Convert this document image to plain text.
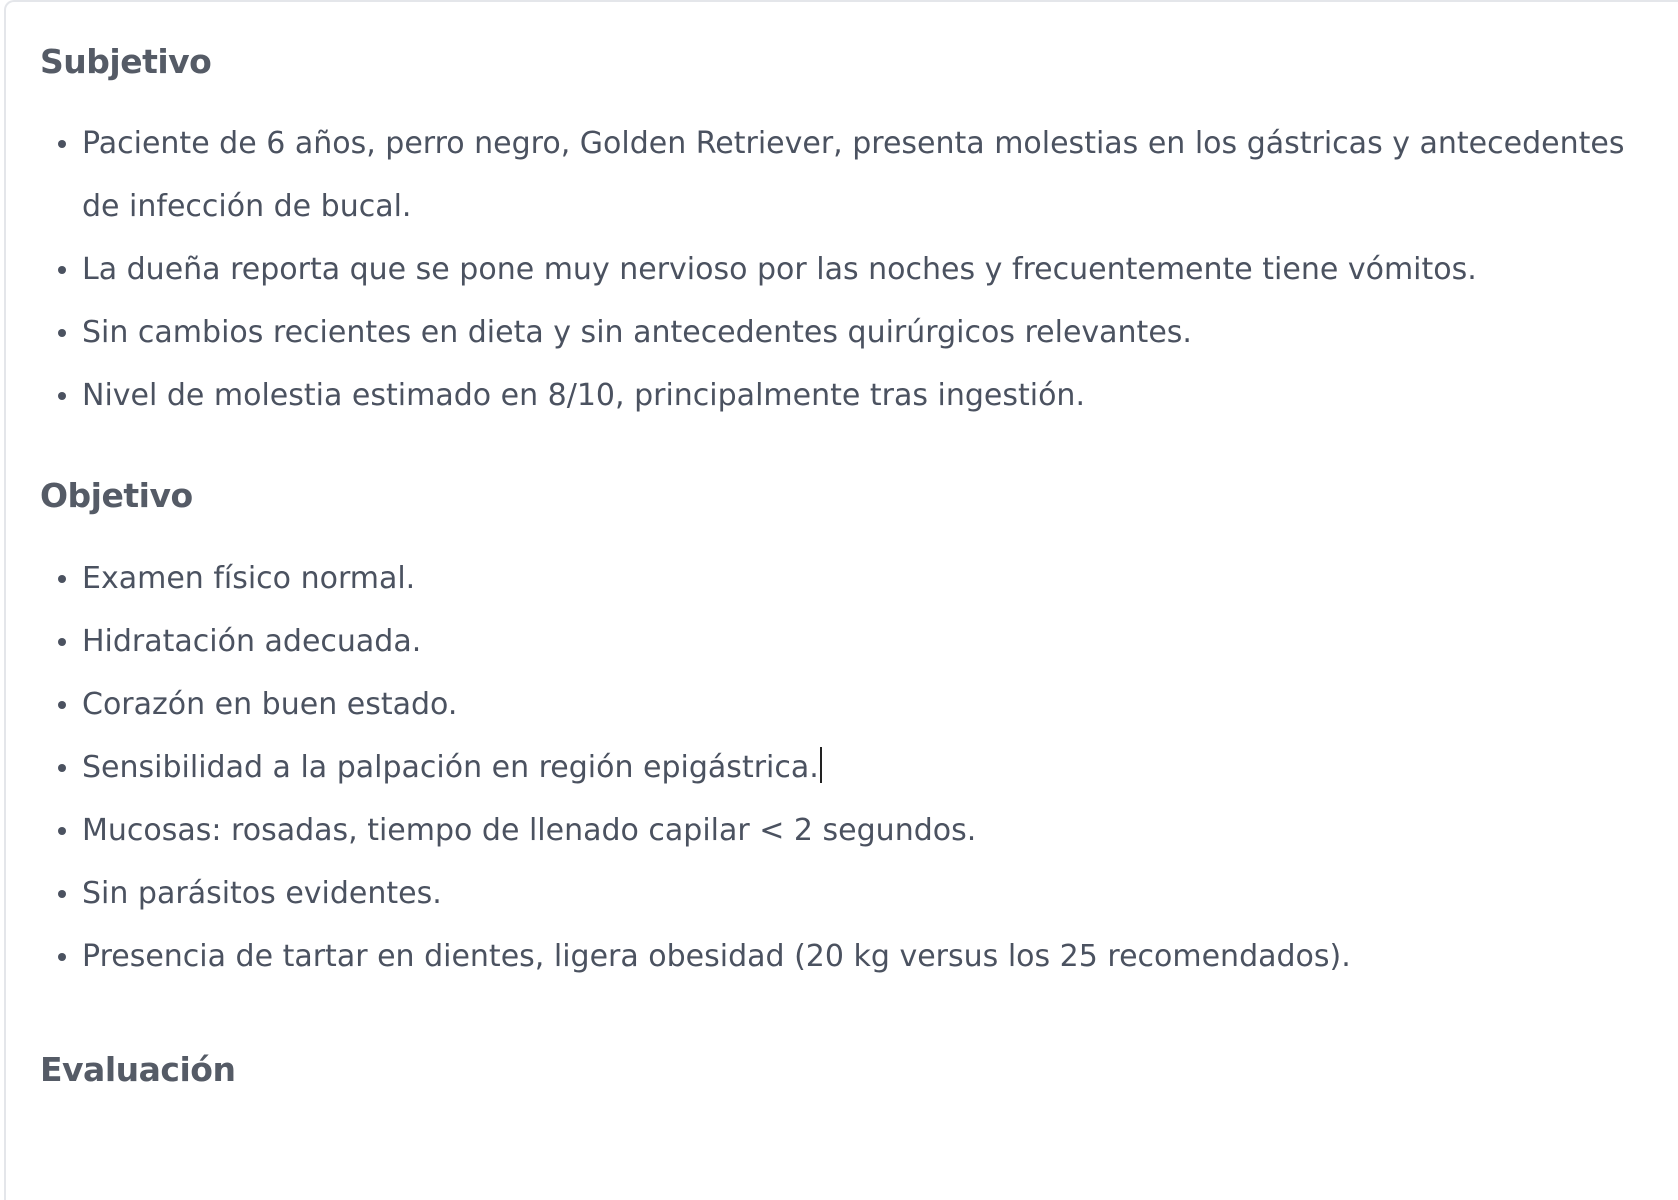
Subjetivo
Paciente de 6 años, perro negro, Golden Retriever, presenta molestias en los gástricas y antecedentes de infección de bucal.
La dueña reporta que se pone muy nervioso por las noches y frecuentemente tiene vómitos.
Sin cambios recientes en dieta y sin antecedentes quirúrgicos relevantes.
Nivel de molestia estimado en 8/10, principalmente tras ingestión.
Objetivo
Examen físico normal.
Hidratación adecuada.
Corazón en buen estado.
Sensibilidad a la palpación en región epigástrica.
Mucosas: rosadas, tiempo de llenado capilar < 2 segundos.
Sin parásitos evidentes.
Presencia de tartar en dientes, ligera obesidad (20 kg versus los 25 recomendados).
Evaluación
